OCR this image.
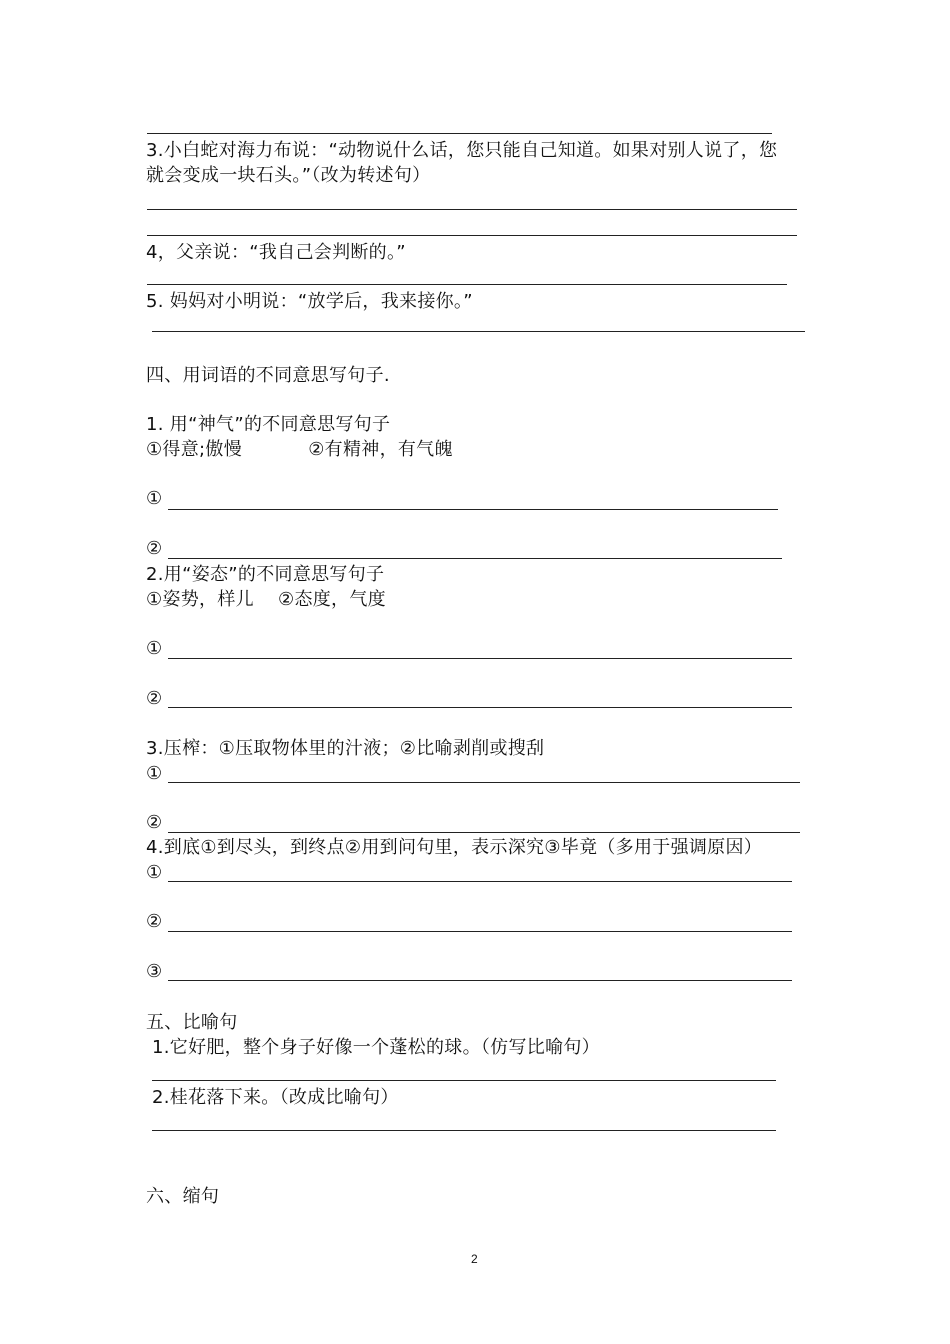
3.小白蛇对海力布说：“动物说什么话，您只能自己知道。如果对别人说了，您
就会变成一块石头。”（改为转述句）
4，父亲说：“我自己会判断的。”
5. 妈妈对小明说：“放学后，我来接你。”
四、用词语的不同意思写句子.
1. 用“神气”的不同意思写句子
①得意;傲慢           ②有精神，有气魄
①
②
2.用“姿态”的不同意思写句子
①姿势，样儿    ②态度，气度
①
②
3.压榨：①压取物体里的汁液；②比喻剥削或搜刮
①
②
4.到底①到尽头，到终点②用到问句里，表示深究③毕竟（多用于强调原因）
①
②
③
五、比喻句
1.它好肥，整个身子好像一个蓬松的球。（仿写比喻句）
2.桂花落下来。（改成比喻句）
六、缩句
2
